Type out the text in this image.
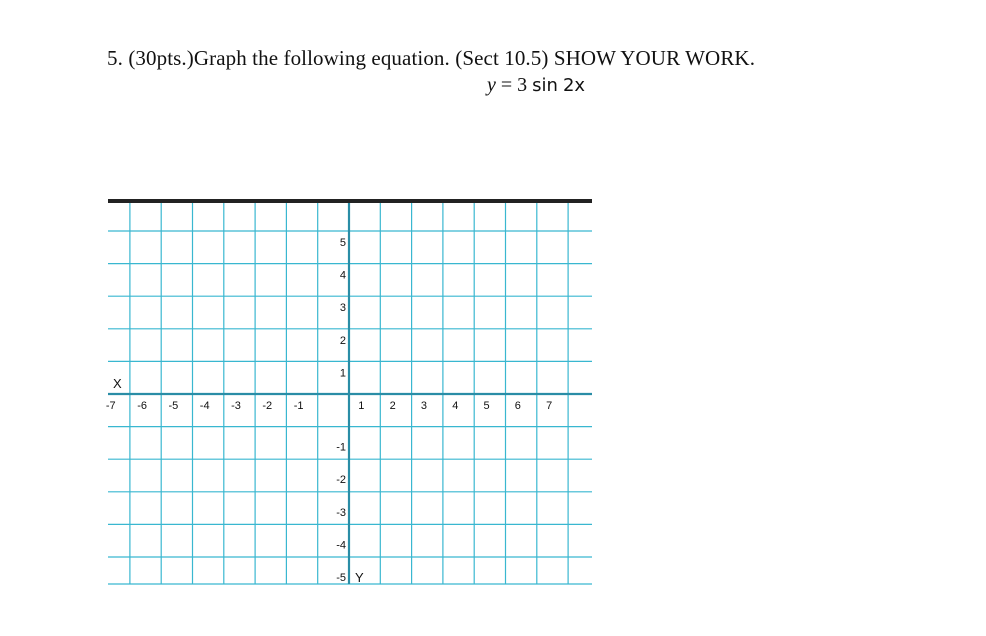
5. (30pts.)Graph the following equation. (Sect 10.5) SHOW YOUR WORK.
y = 3 sin 2x
-7 -6 -5 -4 -3 -2 -1	1 2 3 4 5 6 7
5
4
3
2
1
-1
-2
-3
-4
-5
X
Y
